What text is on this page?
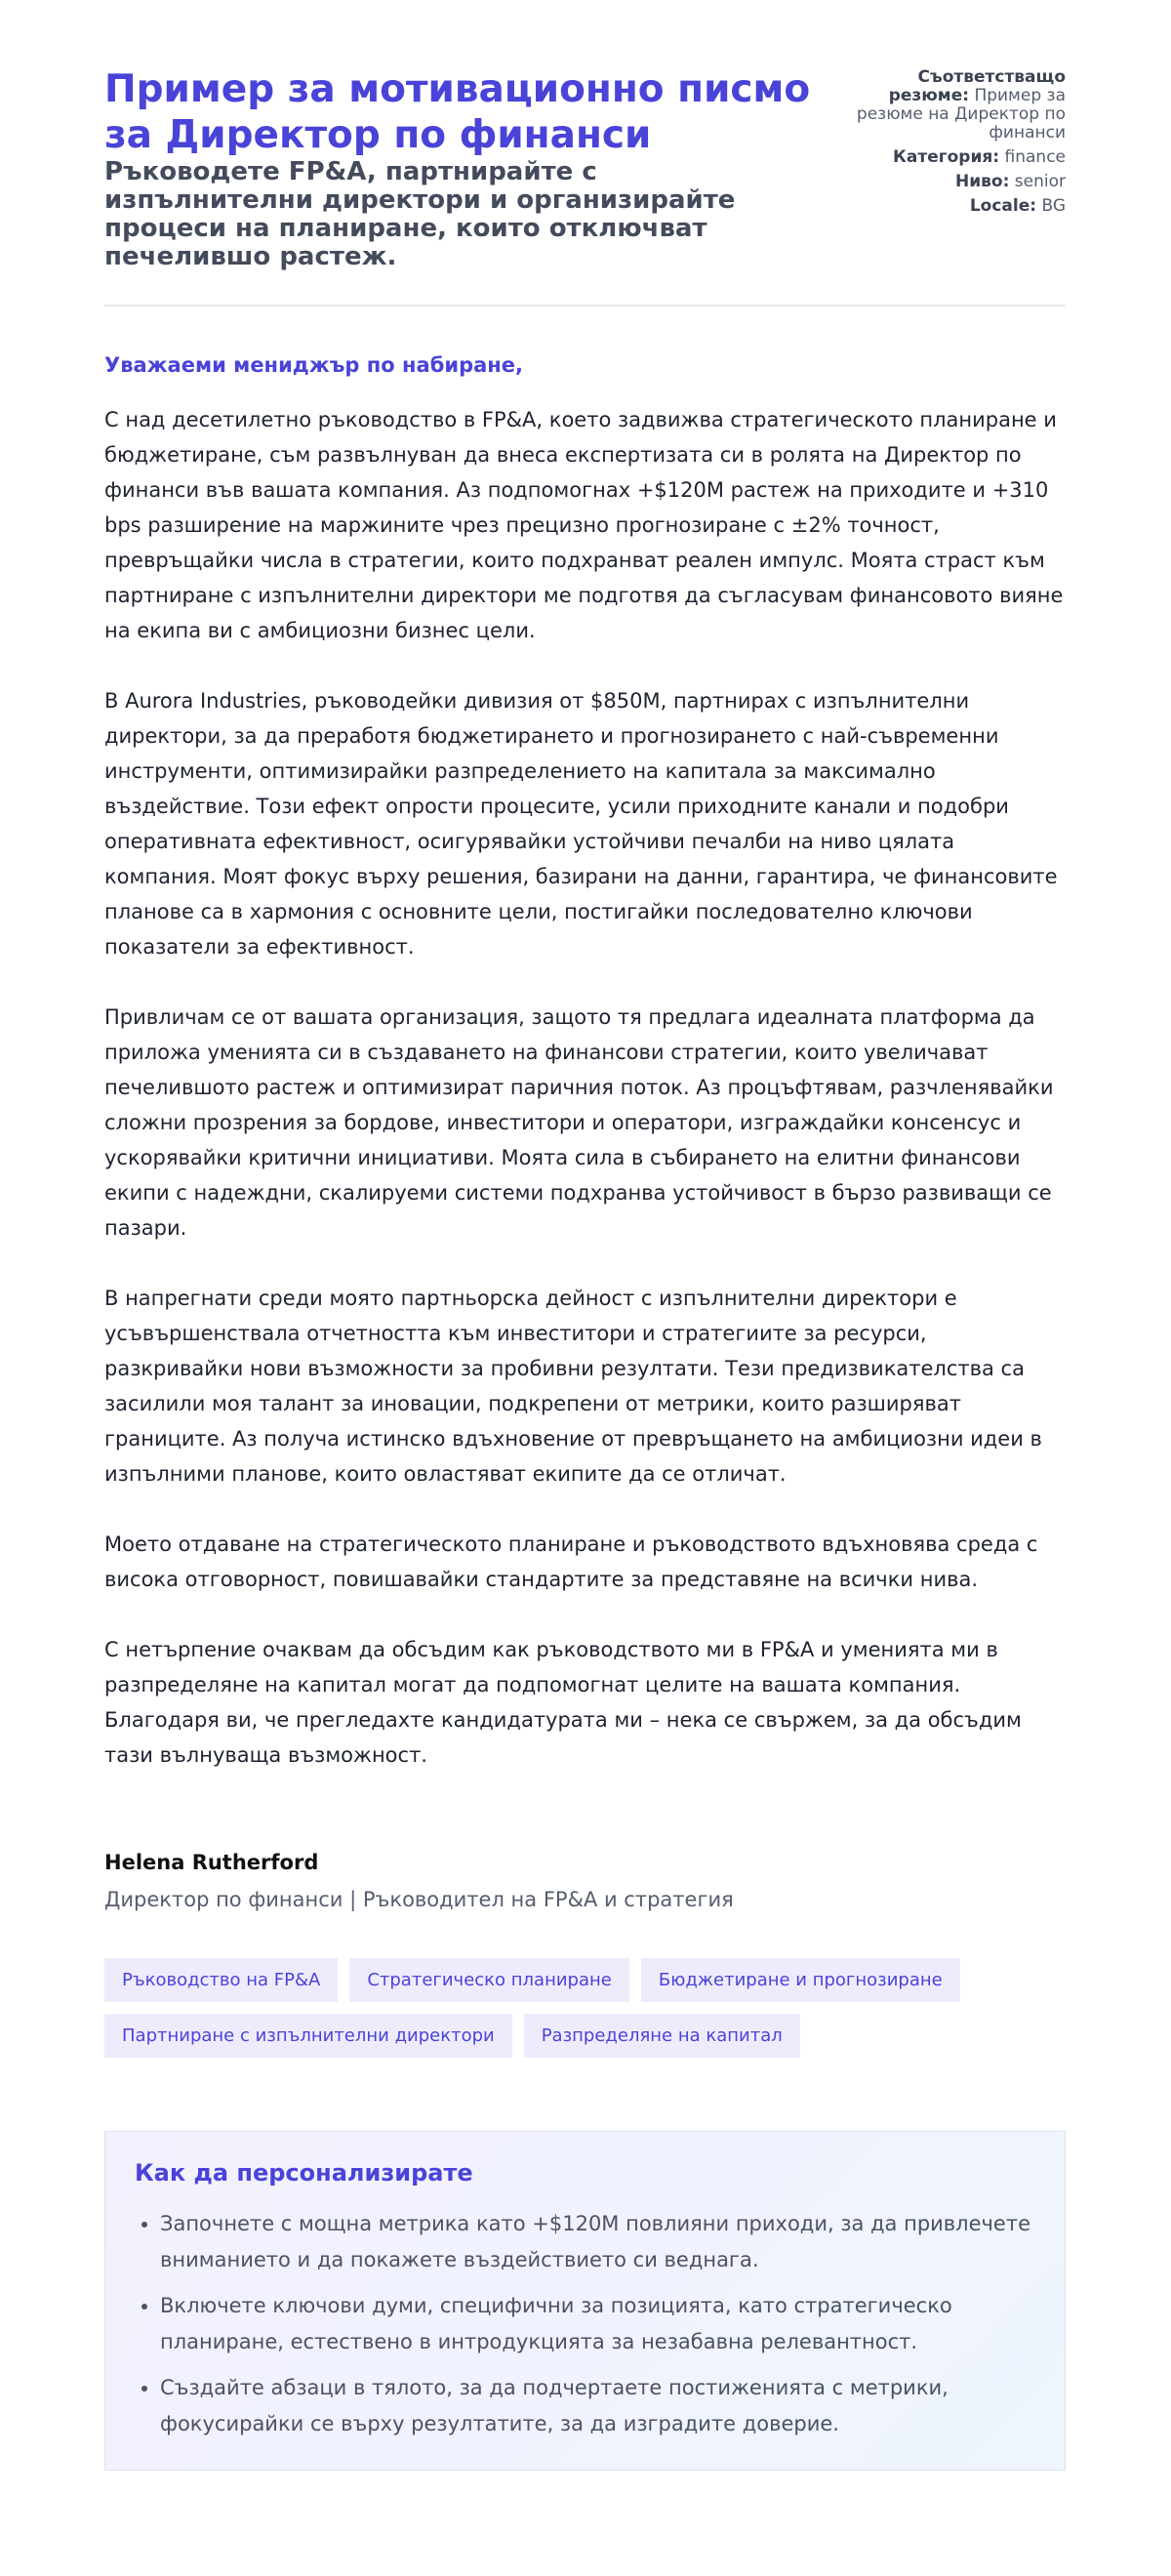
Пример за мотивационно писмо за Директор по финанси
Ръководете FP&A, партнирайте с изпълнителни директори и организирайте процеси на планиране, които отключват печелившо растеж.
Съответстващо резюме: Пример за резюме на Директор по финанси
Категория: finance
Ниво: senior
Locale: BG
Уважаеми мениджър по набиране,

С над десетилетно ръководство в FP&A, което задвижва стратегическото планиране и бюджетиране, съм развълнуван да внеса експертизата си в ролята на Директор по финанси във вашата компания. Аз подпомогнах +$120M растеж на приходите и +310 bps разширение на маржините чрез прецизно прогнозиране с ±2% точност, превръщайки числа в стратегии, които подхранват реален импулс. Моята страст към партниране с изпълнителни директори ме подготвя да съгласувам финансовото вияне на екипа ви с амбициозни бизнес цели.

В Aurora Industries, ръководейки дивизия от $850M, партнирах с изпълнителни директори, за да преработя бюджетирането и прогнозирането с най-съвременни инструменти, оптимизирайки разпределението на капитала за максимално въздействие. Този ефект опрости процесите, усили приходните канали и подобри оперативната ефективност, осигурявайки устойчиви печалби на ниво цялата компания. Моят фокус върху решения, базирани на данни, гарантира, че финансовите планове са в хармония с основните цели, постигайки последователно ключови показатели за ефективност.

Привличам се от вашата организация, защото тя предлага идеалната платформа да приложа уменията си в създаването на финансови стратегии, които увеличават печелившото растеж и оптимизират паричния поток. Аз процъфтявам, разчленявайки сложни прозрения за бордове, инвеститори и оператори, изграждайки консенсус и ускорявайки критични инициативи. Моята сила в събирането на елитни финансови екипи с надеждни, скалируеми системи подхранва устойчивост в бързо развиващи се пазари.

В напрегнати среди моято партньорска дейност с изпълнителни директори е усъвършенствала отчетността към инвеститори и стратегиите за ресурси, разкривайки нови възможности за пробивни резултати. Тези предизвикателства са засилили моя талант за иновации, подкрепени от метрики, които разширяват границите. Аз получа истинско вдъхновение от превръщането на амбициозни идеи в изпълними планове, които овластяват екипите да се отличат.

Моето отдаване на стратегическото планиране и ръководството вдъхновява среда с висока отговорност, повишавайки стандартите за представяне на всички нива.

С нетърпение очаквам да обсъдим как ръководството ми в FP&A и уменията ми в разпределяне на капитал могат да подпомогнат целите на вашата компания. Благодаря ви, че прегледахте кандидатурата ми – нека се свържем, за да обсъдим тази вълнуваща възможност.

Helena Rutherford

Директор по финанси | Ръководител на FP&A и стратегия

Ръководство на FP&A	Стратегическо планиране	Бюджетиране и прогнозиране
Партниране с изпълнителни директори	Разпределяне на капитал
Как да персонализирате
• Започнете с мощна метрика като +$120M повлияни приходи, за да привлечете вниманието и да покажете въздействието си веднага.
• Включете ключови думи, специфични за позицията, като стратегическо планиране, естествено в интродукцията за незабавна релевантност.
• Създайте абзаци в тялото, за да подчертаете постиженията с метрики, фокусирайки се върху резултатите, за да изградите доверие.
